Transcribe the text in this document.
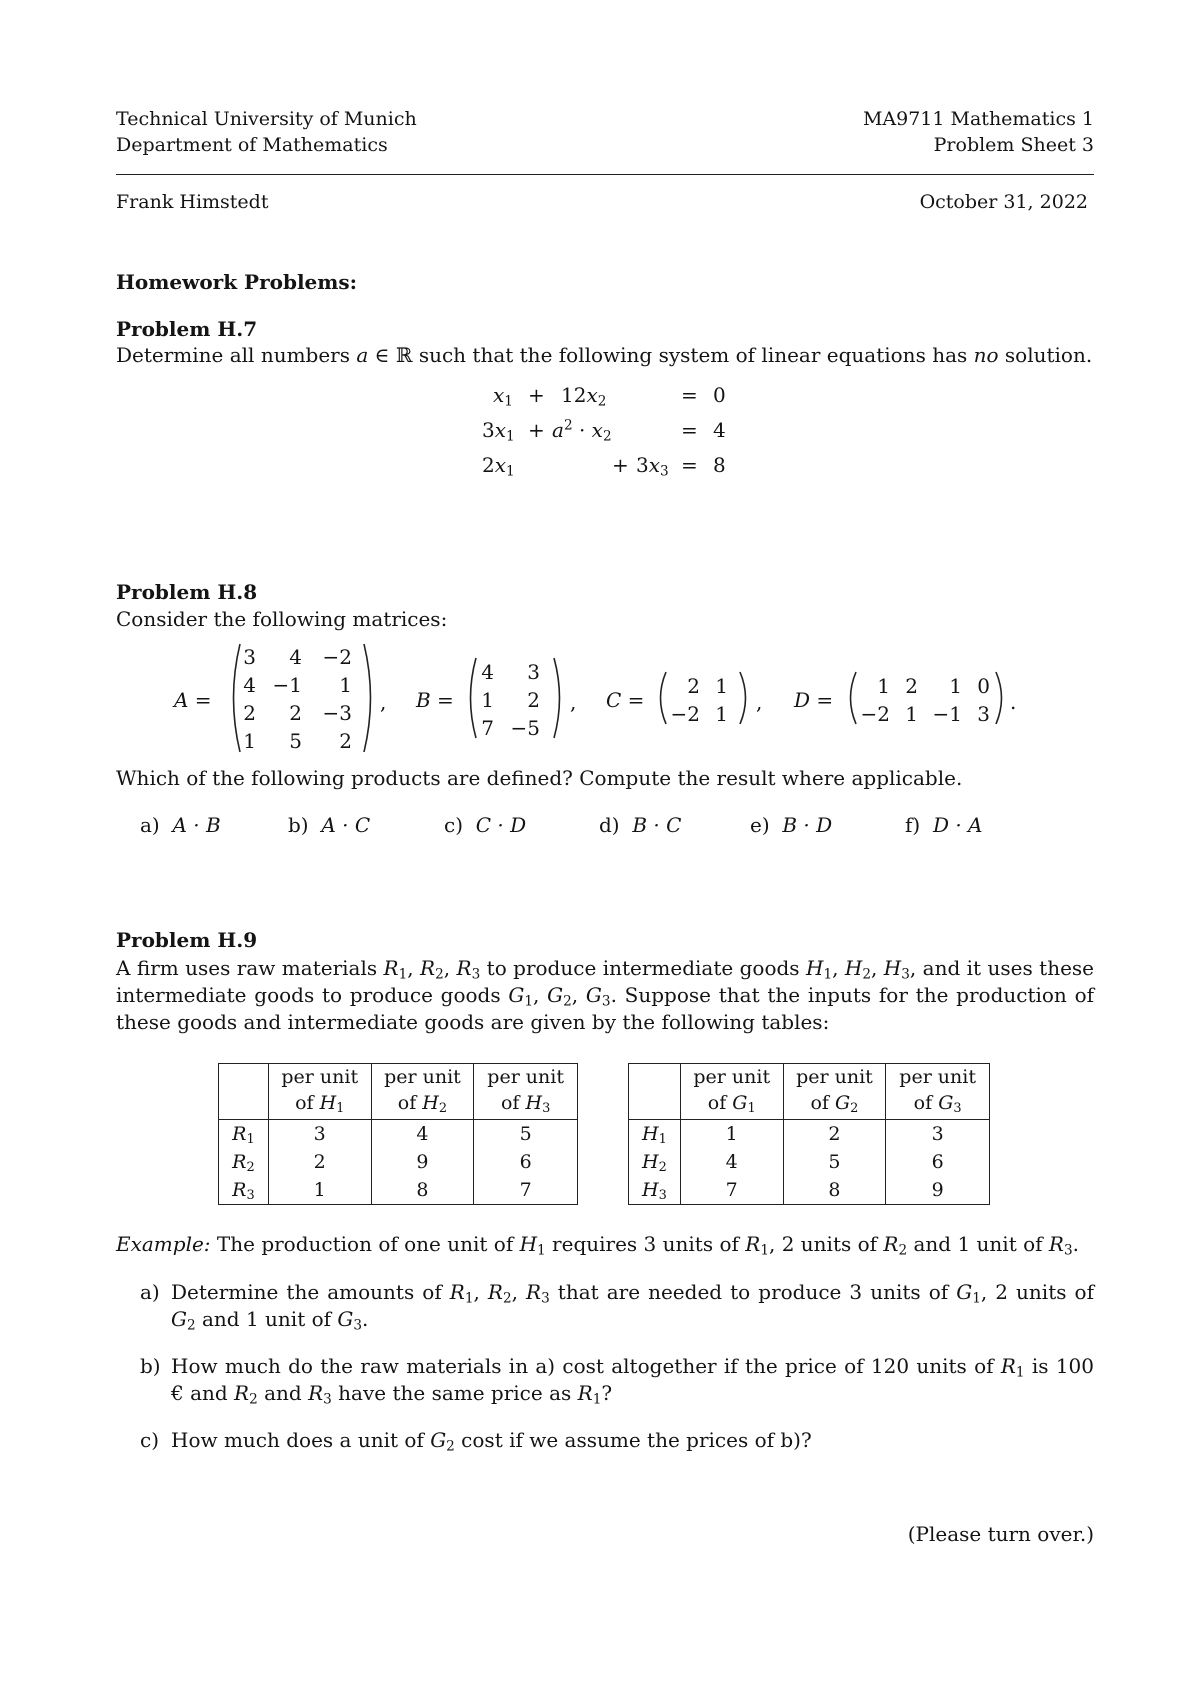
Technical University of Munich
Department of Mathematics
MA9711 Mathematics 1
Problem Sheet 3
Frank Himstedt	October 31, 2022
Homework Problems:
Problem H.7
Determine all numbers a ∈ ℝ such that the following system of linear equations has no solution.
$x_1 + 12x_2$	= 0
$3x_1 + a^2 \cdot x_2$	= 4
$2x_1$	+ $3x_3 = 8$
Problem H.8
Consider the following matrices:
A =
3	4	−2
4 −1	1
2	2	−3
1	5	2
, B =
4	3
1	2
7 −5
, C =
2 1
−2 1 , D =
1 2	1 0
−2 1 −1 3 .
Which of the following products are defined? Compute the result where applicable.
a) A · B	b) A · C	c) C · D	d) B · C	e) B · D	f) D · A
Problem H.9
A firm uses raw materials $R_1$, $R_2$, $R_3$ to produce intermediate goods $H_1$, $H_2$, $H_3$, and it uses these intermediate goods to produce goods $G_1$, $G_2$, $G_3$. Suppose that the inputs for the production of these goods and intermediate goods are given by the following tables:
	per unit
of $H_1$	per unit
of $H_2$	per unit
of $H_3$
$R_1$	3	4	5
$R_2$	2	9	6
$R_3$	1	8	7
	per unit
of $G_1$	per unit
of $G_2$	per unit
of $G_3$
$H_1$	1	2	3
$H_2$	4	5	6
$H_3$	7	8	9
Example: The production of one unit of $H_1$ requires 3 units of $R_1$, 2 units of $R_2$ and 1 unit of $R_3$.
a) Determine the amounts of $R_1$, $R_2$, $R_3$ that are needed to produce 3 units of $G_1$, 2 units of $G_2$ and 1 unit of $G_3$.
b) How much do the raw materials in a) cost altogether if the price of 120 units of $R_1$ is 100 € and $R_2$ and $R_3$ have the same price as $R_1$?
c) How much does a unit of $G_2$ cost if we assume the prices of b)?
(Please turn over.)
